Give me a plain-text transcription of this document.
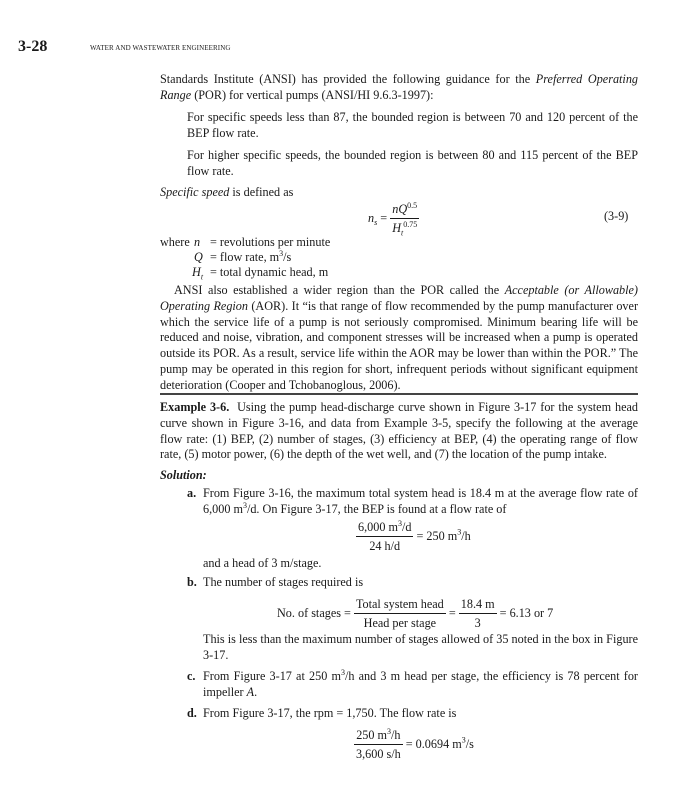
3-28	WATER AND WASTEWATER ENGINEERING
Standards Institute (ANSI) has provided the following guidance for the Preferred Operating Range (POR) for vertical pumps (ANSI/HI 9.6.3-1997):
For specific speeds less than 87, the bounded region is between 70 and 120 percent of the BEP flow rate.
For higher specific speeds, the bounded region is between 80 and 115 percent of the BEP flow rate.
Specific speed is defined as
$n_s = \frac{nQ^{0.5}}{H_t^{0.75}}$	(3-9)
where n = revolutions per minute
Q = flow rate, $m^3/s$
$H_t$ = total dynamic head, m
ANSI also established a wider region than the POR called the Acceptable (or Allowable) Operating Region (AOR). It “is that range of flow recommended by the pump manufacturer over which the service life of a pump is not seriously compromised. Minimum bearing life will be reduced and noise, vibration, and component stresses will be increased when a pump is operated outside its POR. As a result, service life within the AOR may be lower than within the POR.” The pump may be operated in this region for short, infrequent periods without significant equipment deterioration (Cooper and Tchobanoglous, 2006).
Example 3-6. Using the pump head-discharge curve shown in Figure 3-17 for the system head curve shown in Figure 3-16, and data from Example 3-5, specify the following at the average flow rate: (1) BEP, (2) number of stages, (3) efficiency at BEP, (4) the operating range of flow rate, (5) motor power, (6) the depth of the wet well, and (7) the location of the pump intake.
Solution:
a. From Figure 3-16, the maximum total system head is 18.4 m at the average flow rate of 6,000 $m^3/d$. On Figure 3-17, the BEP is found at a flow rate of
$\frac{6,000 m^3/d}{24 h/d} = 250$ $m^3/h$
and a head of 3 m/stage.
b. The number of stages required is
No. of stages = $\frac{\text{Total system head}}{\text{Head per stage}} = \frac{18.4 m}{3} = 6.13$ or 7
This is less than the maximum number of stages allowed of 35 noted in the box in Figure 3-17.
c. From Figure 3-17 at 250 $m^3/h$ and 3 m head per stage, the efficiency is 78 percent for impeller A.
d. From Figure 3-17, the rpm = 1,750. The flow rate is
$\frac{250 m^3/h}{3,600 s/h} = 0.0694$ $m^3/s$
